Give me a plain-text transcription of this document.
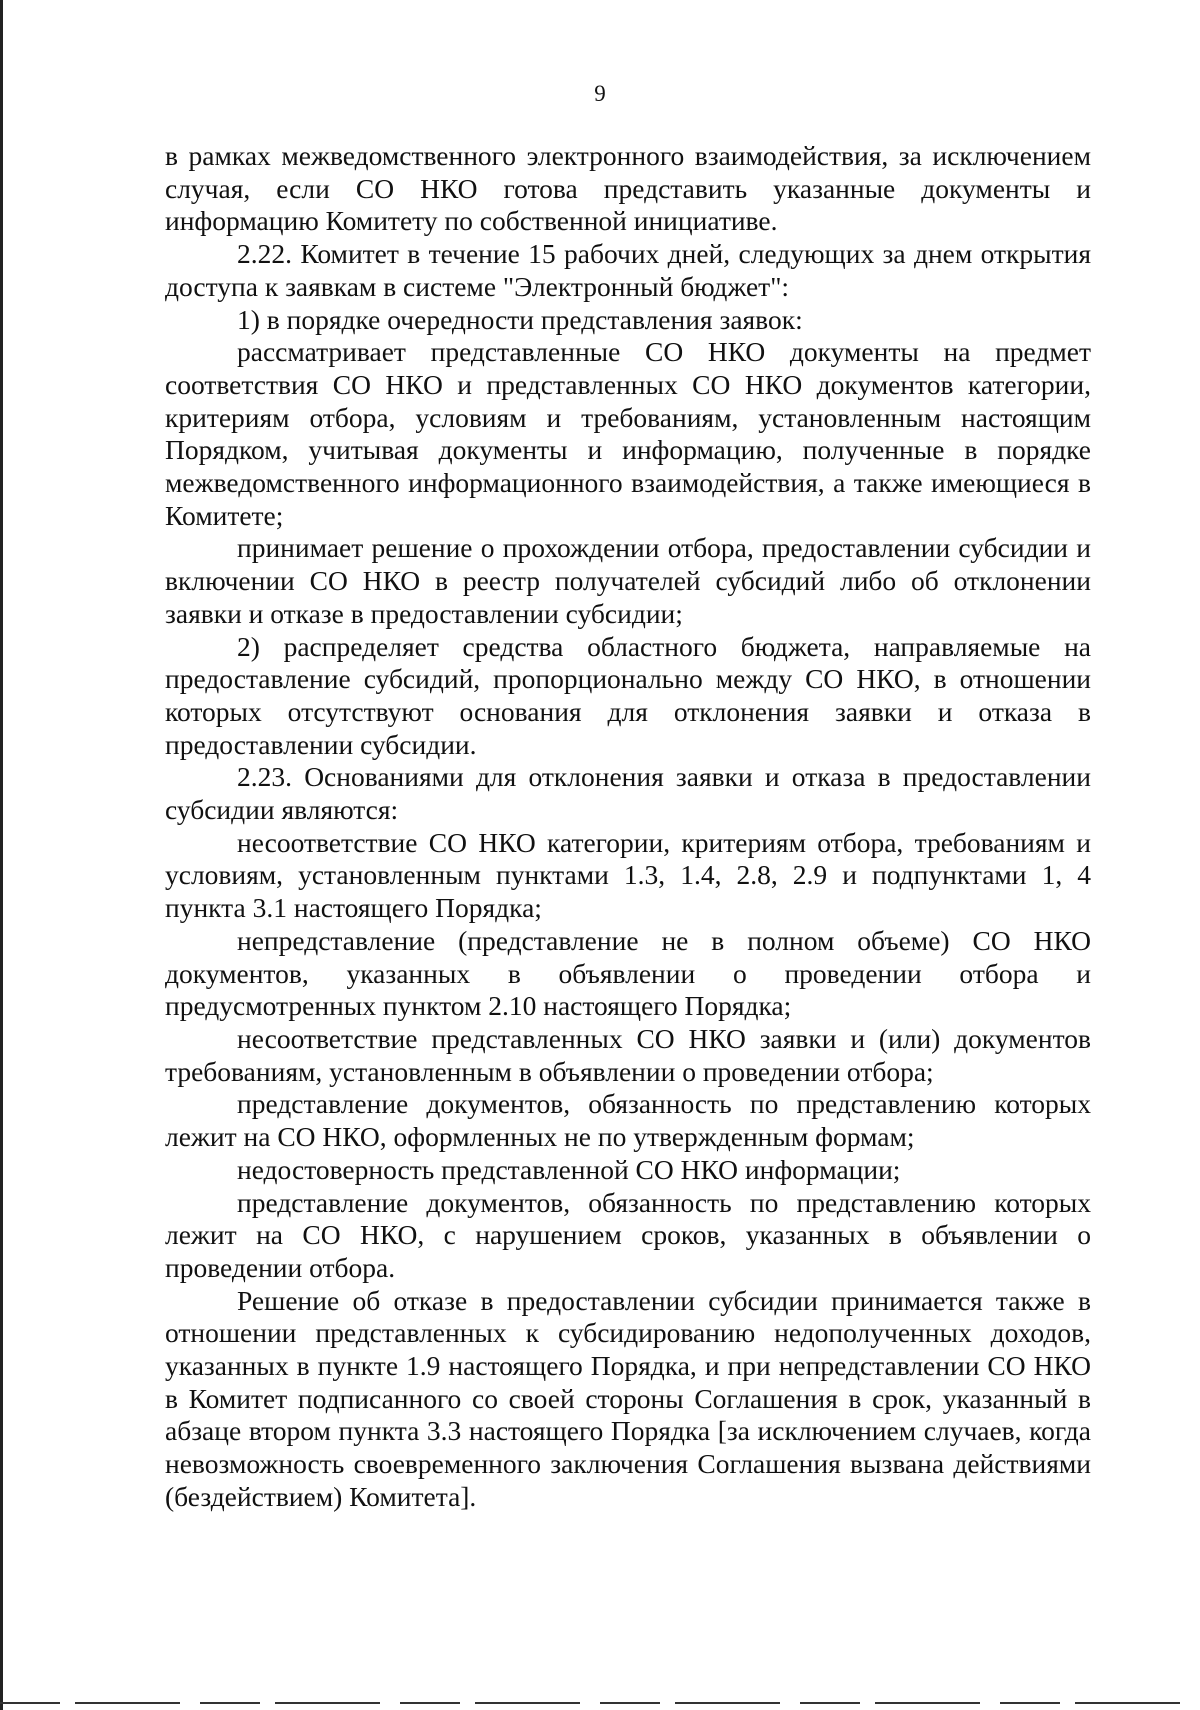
9

в рамках межведомственного электронного взаимодействия, за исключением случая, если СО НКО готова представить указанные документы и информацию Комитету по собственной инициативе.

2.22. Комитет в течение 15 рабочих дней, следующих за днем открытия доступа к заявкам в системе "Электронный бюджет":

1) в порядке очередности представления заявок:

рассматривает представленные СО НКО документы на предмет соответствия СО НКО и представленных СО НКО документов категории, критериям отбора, условиям и требованиям, установленным настоящим Порядком, учитывая документы и информацию, полученные в порядке межведомственного информационного взаимодействия, а также имеющиеся в Комитете;

принимает решение о прохождении отбора, предоставлении субсидии и включении СО НКО в реестр получателей субсидий либо об отклонении заявки и отказе в предоставлении субсидии;

2) распределяет средства областного бюджета, направляемые на предоставление субсидий, пропорционально между СО НКО, в отношении которых отсутствуют основания для отклонения заявки и отказа в предоставлении субсидии.

2.23. Основаниями для отклонения заявки и отказа в предоставлении субсидии являются:

несоответствие СО НКО категории, критериям отбора, требованиям и условиям, установленным пунктами 1.3, 1.4, 2.8, 2.9 и подпунктами 1, 4 пункта 3.1 настоящего Порядка;

непредставление (представление не в полном объеме) СО НКО документов, указанных в объявлении о проведении отбора и предусмотренных пунктом 2.10 настоящего Порядка;

несоответствие представленных СО НКО заявки и (или) документов требованиям, установленным в объявлении о проведении отбора;

представление документов, обязанность по представлению которых лежит на СО НКО, оформленных не по утвержденным формам;

недостоверность представленной СО НКО информации;

представление документов, обязанность по представлению которых лежит на СО НКО, с нарушением сроков, указанных в объявлении о проведении отбора.

Решение об отказе в предоставлении субсидии принимается также в отношении представленных к субсидированию недополученных доходов, указанных в пункте 1.9 настоящего Порядка, и при непредставлении СО НКО в Комитет подписанного со своей стороны Соглашения в срок, указанный в абзаце втором пункта 3.3 настоящего Порядка [за исключением случаев, когда невозможность своевременного заключения Соглашения вызвана действиями (бездействием) Комитета].
